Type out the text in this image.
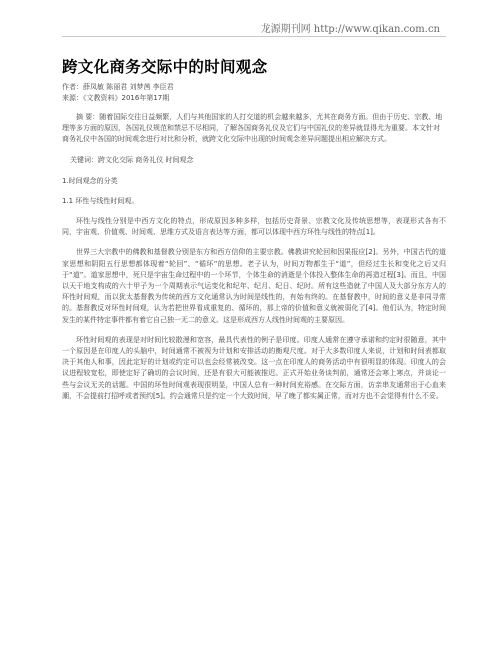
龙源期刊网 http://www.qikan.com.cn
跨文化商务交际中的时间观念
作者：薛凤敏 陈丽君 刘梦茜 李臣君
来源：《文教资料》2016年第17期
摘 要：随着国际交往日益频繁，人们与其他国家的人打交道的机会越来越多，尤其在商务方面。但由于历史、宗教、地理等多方面的原因，各国礼仪规范和禁忌不尽相同，了解各国商务礼仪及它们与中国礼仪的差异就显得尤为重要。本文针对商务礼仪中各国的时间观念进行对比和分析，就跨文化交际中出现的时间观念差异问题提出相应解决方式。
关键词：跨文化交际 商务礼仪 时间观念
1.时间观念的分类
1.1 环性与线性时间观。

环性与线性分别是中西方文化的特点，形成原因多种多样，包括历史背景、宗教文化及传统思想等，表现形式各有不同，宇宙观、价值观、时间观、思维方式及语言表达等方面，都可以体现中西方环性与线性的特点[1]。

世界三大宗教中的佛教和基督教分别是东方和西方信仰的主要宗教。佛教讲究轮回和因果报应[2]。另外，中国古代的道家思想和阴阳五行思想都体现着“轮回”、“循环”的思想。老子认为，时间万物都生于“道”，但经过生长和变化之后又归于“道”。道家思想中，死只是宇宙生命过程中的一个环节，个体生命的消逝是个体投入整体生命的再造过程[3]。而且，中国以天干地支构成的六十甲子为一个周期表示气运变化和纪年、纪月、纪日、纪时。所有这些造就了中国人及大部分东方人的环性时间观，而以犹太基督教为传统的西方文化通常认为时间是线性的，有始有终的。在基督教中，时间的意义是非同寻常的。基督教反对环性时间观，认为若把世界看成重复的、循环的，那上帝的价值和意义就被弱化了[4]。他们认为，特定时间发生的某件特定事件都有着它自己独一无二的意义。这是形成西方人线性时间观的主要原因。

环性时间观的表现是对时间比较散漫和宽容，最具代表性的例子是印度。印度人通常在遵守承诺和约定时很随意，其中一个原因是在印度人的头脑中，时间通常不被视为计划和安排活动的衡观尺度。对于大多数印度人来说，计划和时间表都取决于其他人和事，因此定好的计划或约定可以也会经常被改变。这一点在印度人的商务活动中有很明显的体现。印度人的会议进程较宽松，即使定好了确切的会议时间，还是有很大可能被推迟。正式开始业务谈判前，通常还会寒上寒点，并谈论一些与会议无关的话题。中国的环性时间观表现很明显，中国人总有一种时间充裕感。在交际方面，访亲串友通常出于心血来潮，不会提前打招呼或者预约[5]。约会通常只是约定一个大致时间，早了晚了都实属正常，而对方也不会觉得有什么不妥。
